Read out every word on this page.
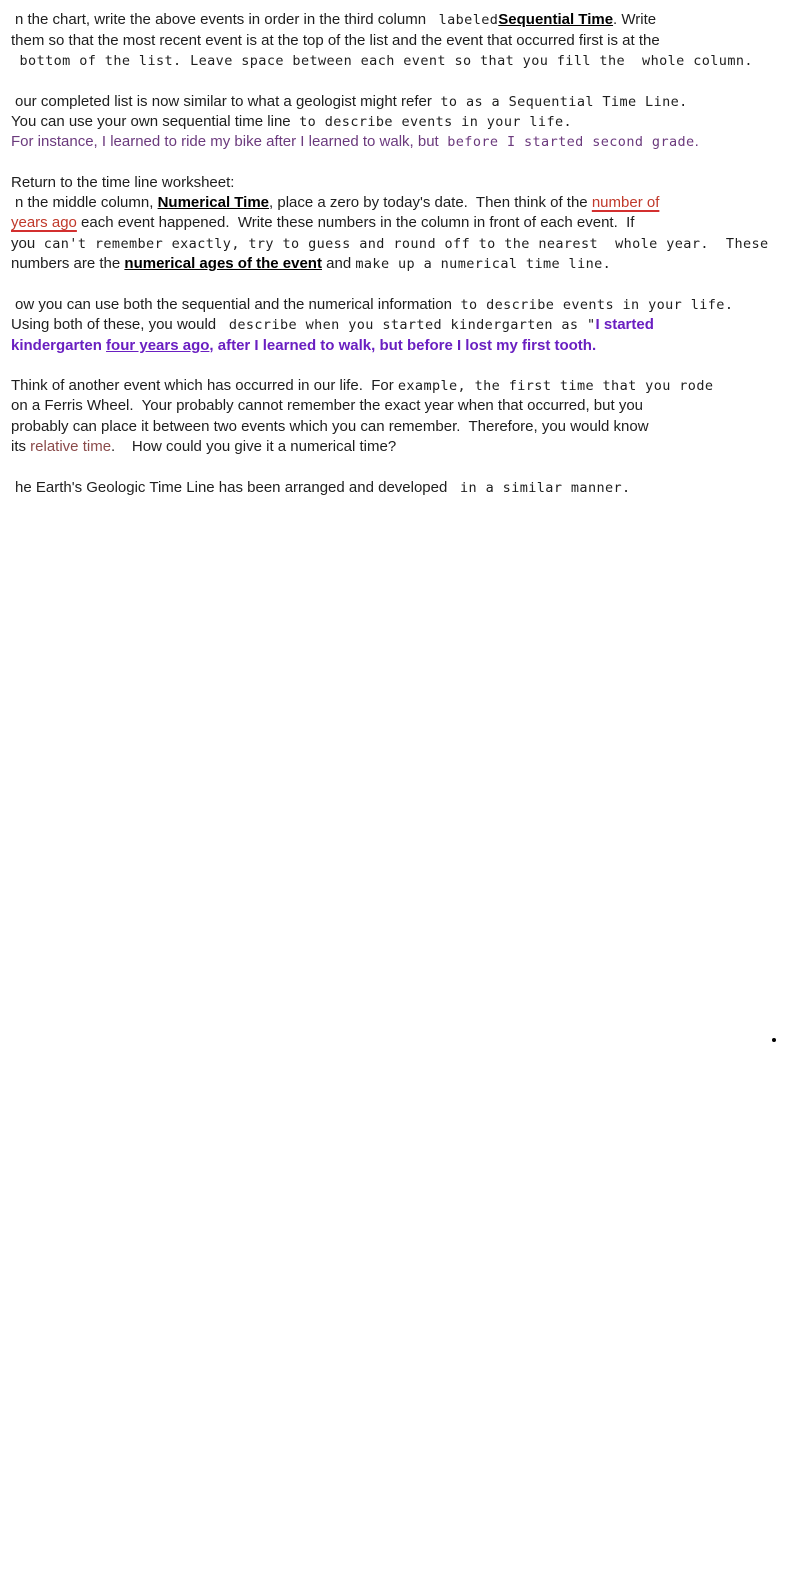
n the chart, write the above events in order in the third column labeledSequential Time. Write
them so that the most recent event is at the top of the list and the event that occurred first is at the
bottom of the list. Leave space between each event so that you fill the  whole column.
our completed list is now similar to what a geologist might refer to as a Sequential Time Line.
You can use your own sequential time line to describe events in your life.
For instance, I learned to ride my bike after I learned to walk, but before I started second grade.
Return to the time line worksheet:
n the middle column, Numerical Time, place a zero by today's date.  Then think of the number of
years ago each event happened.  Write these numbers in the column in front of each event.  If
you can't remember exactly, try to guess and round off to the nearest  whole year.  These
numbers are the numerical ages of the event and make up a numerical time line.
ow you can use both the sequential and the numerical information to describe events in your life.
Using both of these, you would  describe when you started kindergarten as "I started
kindergarten four years ago, after I learned to walk, but before I lost my first tooth.
Think of another event which has occurred in our life.  For example, the first time that you rode
on a Ferris Wheel.  Your probably cannot remember the exact year when that occurred, but you
probably can place it between two events which you can remember.  Therefore, you would know
its relative time.    How could you give it a numerical time?
he Earth's Geologic Time Line has been arranged and developed  in a similar manner.
